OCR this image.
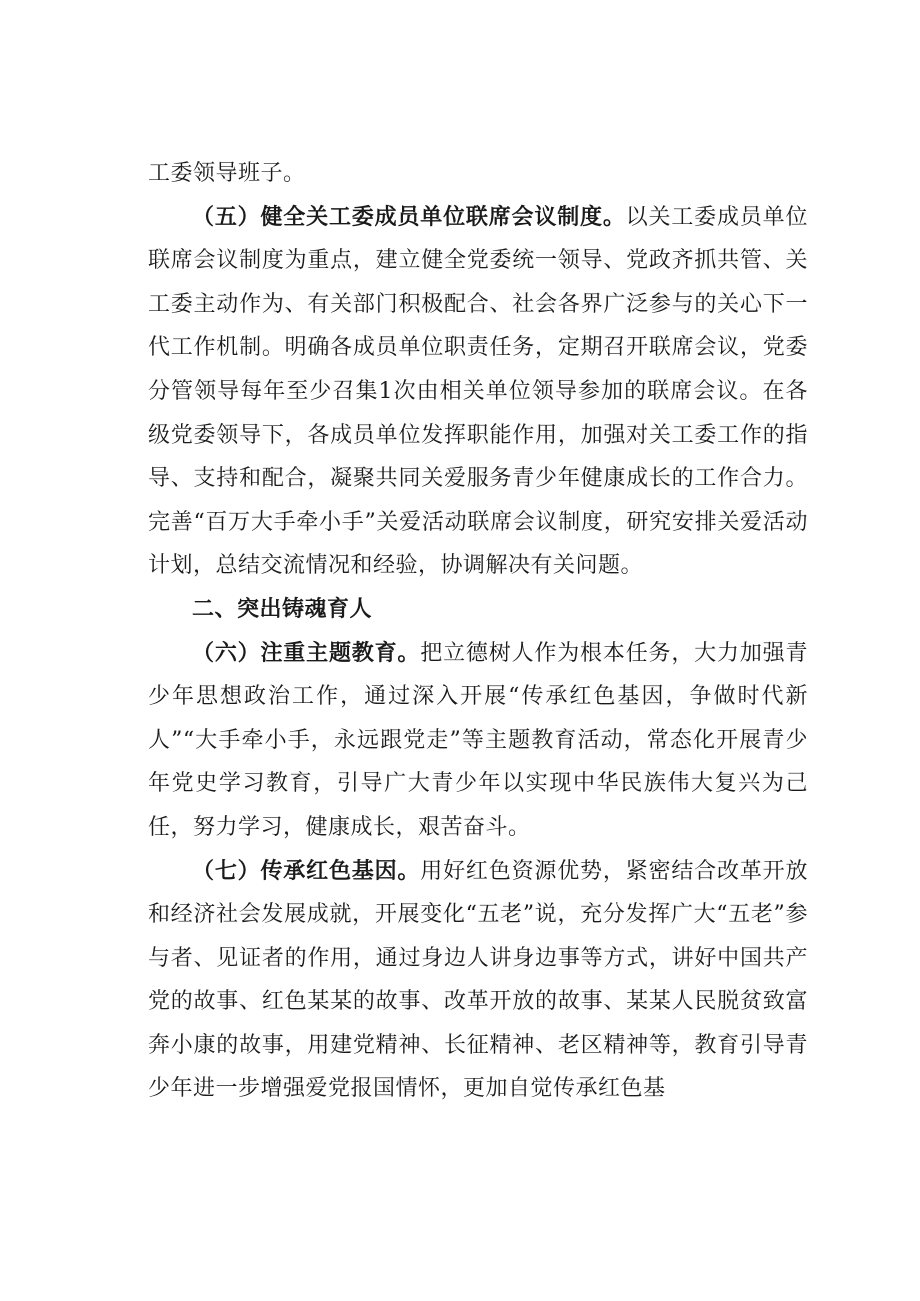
工委领导班子。

（五）健全关工委成员单位联席会议制度。以关工委成员单位联席会议制度为重点，建立健全党委统一领导、党政齐抓共管、关工委主动作为、有关部门积极配合、社会各界广泛参与的关心下一代工作机制。明确各成员单位职责任务，定期召开联席会议，党委分管领导每年至少召集1次由相关单位领导参加的联席会议。在各级党委领导下，各成员单位发挥职能作用，加强对关工委工作的指导、支持和配合，凝聚共同关爱服务青少年健康成长的工作合力。完善“百万大手牵小手”关爱活动联席会议制度，研究安排关爱活动计划，总结交流情况和经验，协调解决有关问题。

二、突出铸魂育人

（六）注重主题教育。把立德树人作为根本任务，大力加强青少年思想政治工作，通过深入开展“传承红色基因，争做时代新人”“大手牵小手，永远跟党走”等主题教育活动，常态化开展青少年党史学习教育，引导广大青少年以实现中华民族伟大复兴为己任，努力学习，健康成长，艰苦奋斗。

（七）传承红色基因。用好红色资源优势，紧密结合改革开放和经济社会发展成就，开展变化“五老”说，充分发挥广大“五老”参与者、见证者的作用，通过身边人讲身边事等方式，讲好中国共产党的故事、红色某某的故事、改革开放的故事、某某人民脱贫致富奔小康的故事，用建党精神、长征精神、老区精神等，教育引导青少年进一步增强爱党报国情怀，更加自觉传承红色基
